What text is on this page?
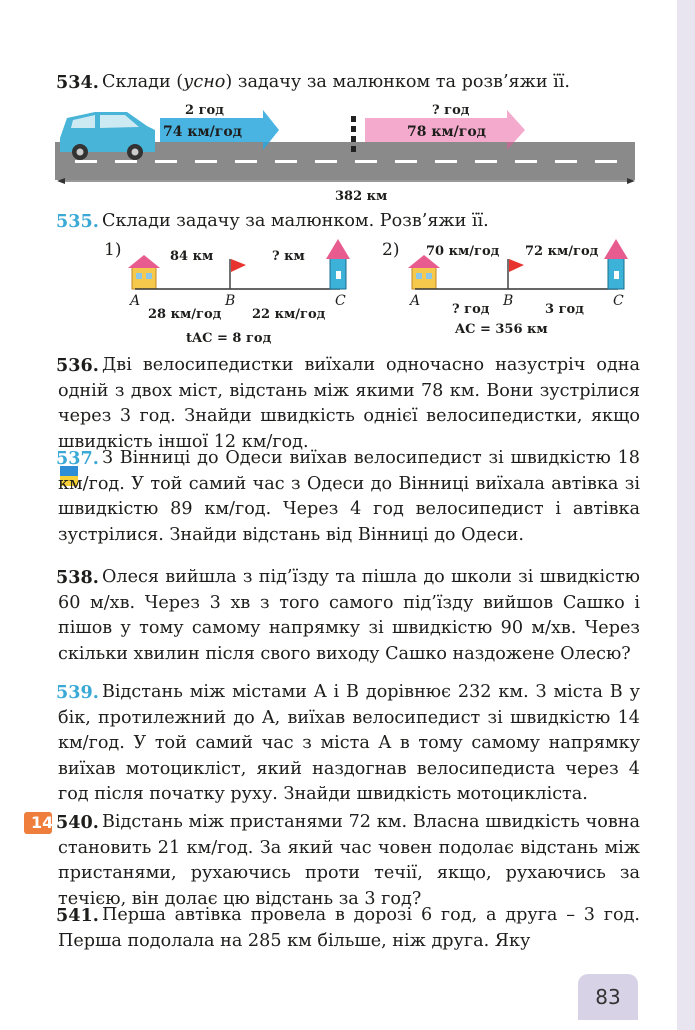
534. Склади (усно) задачу за малюнком та розв’яжи її.
2 год
74 км/год
? год
78 км/год
382 км
535. Склади задачу за малюнком. Розв’яжи її.
1)	84 км	? км
A	B	C
28 км/год 22 км/год
tAC = 8 год
2) 70 км/год 72 км/год
A	B	C
? год	3 год
AC = 356 км
536. Дві велосипедистки виїхали одночасно назустріч одна одній з двох міст, відстань між якими 78 км. Вони зустрілися через 3 год. Знайди швидкість однієї велосипедистки, якщо швидкість іншої 12 км/год.
537. З Вінниці до Одеси виїхав велосипедист зі швидкістю 18 км/год. У той самий час з Одеси до Вінниці виїхала автівка зі швидкістю 89 км/год. Через 4 год велосипедист і автівка зустрілися. Знайди відстань від Вінниці до Одеси.
538. Олеся вийшла з під’їзду та пішла до школи зі швидкістю 60 м/хв. Через 3 хв з того самого під’їзду вийшов Сашко і пішов у тому самому напрямку зі швидкістю 90 м/хв. Через скільки хвилин після свого виходу Сашко наздожене Олесю?
539. Відстань між містами A і B дорівнює 232 км. З міста B у бік, протилежний до A, виїхав велосипедист зі швидкістю 14 км/год. У той самий час з міста A в тому самому напрямку виїхав мотоцикліст, який наздогнав велосипедиста через 4 год після початку руху. Знайди швидкість мотоцикліста.
14 540. Відстань між пристанями 72 км. Власна швидкість човна становить 21 км/год. За який час човен подолає відстань між пристанями, рухаючись проти течії, якщо, рухаючись за течією, він долає цю відстань за 3 год?
541. Перша автівка провела в дорозі 6 год, а друга – 3 год. Перша подолала на 285 км більше, ніж друга. Яку
83
